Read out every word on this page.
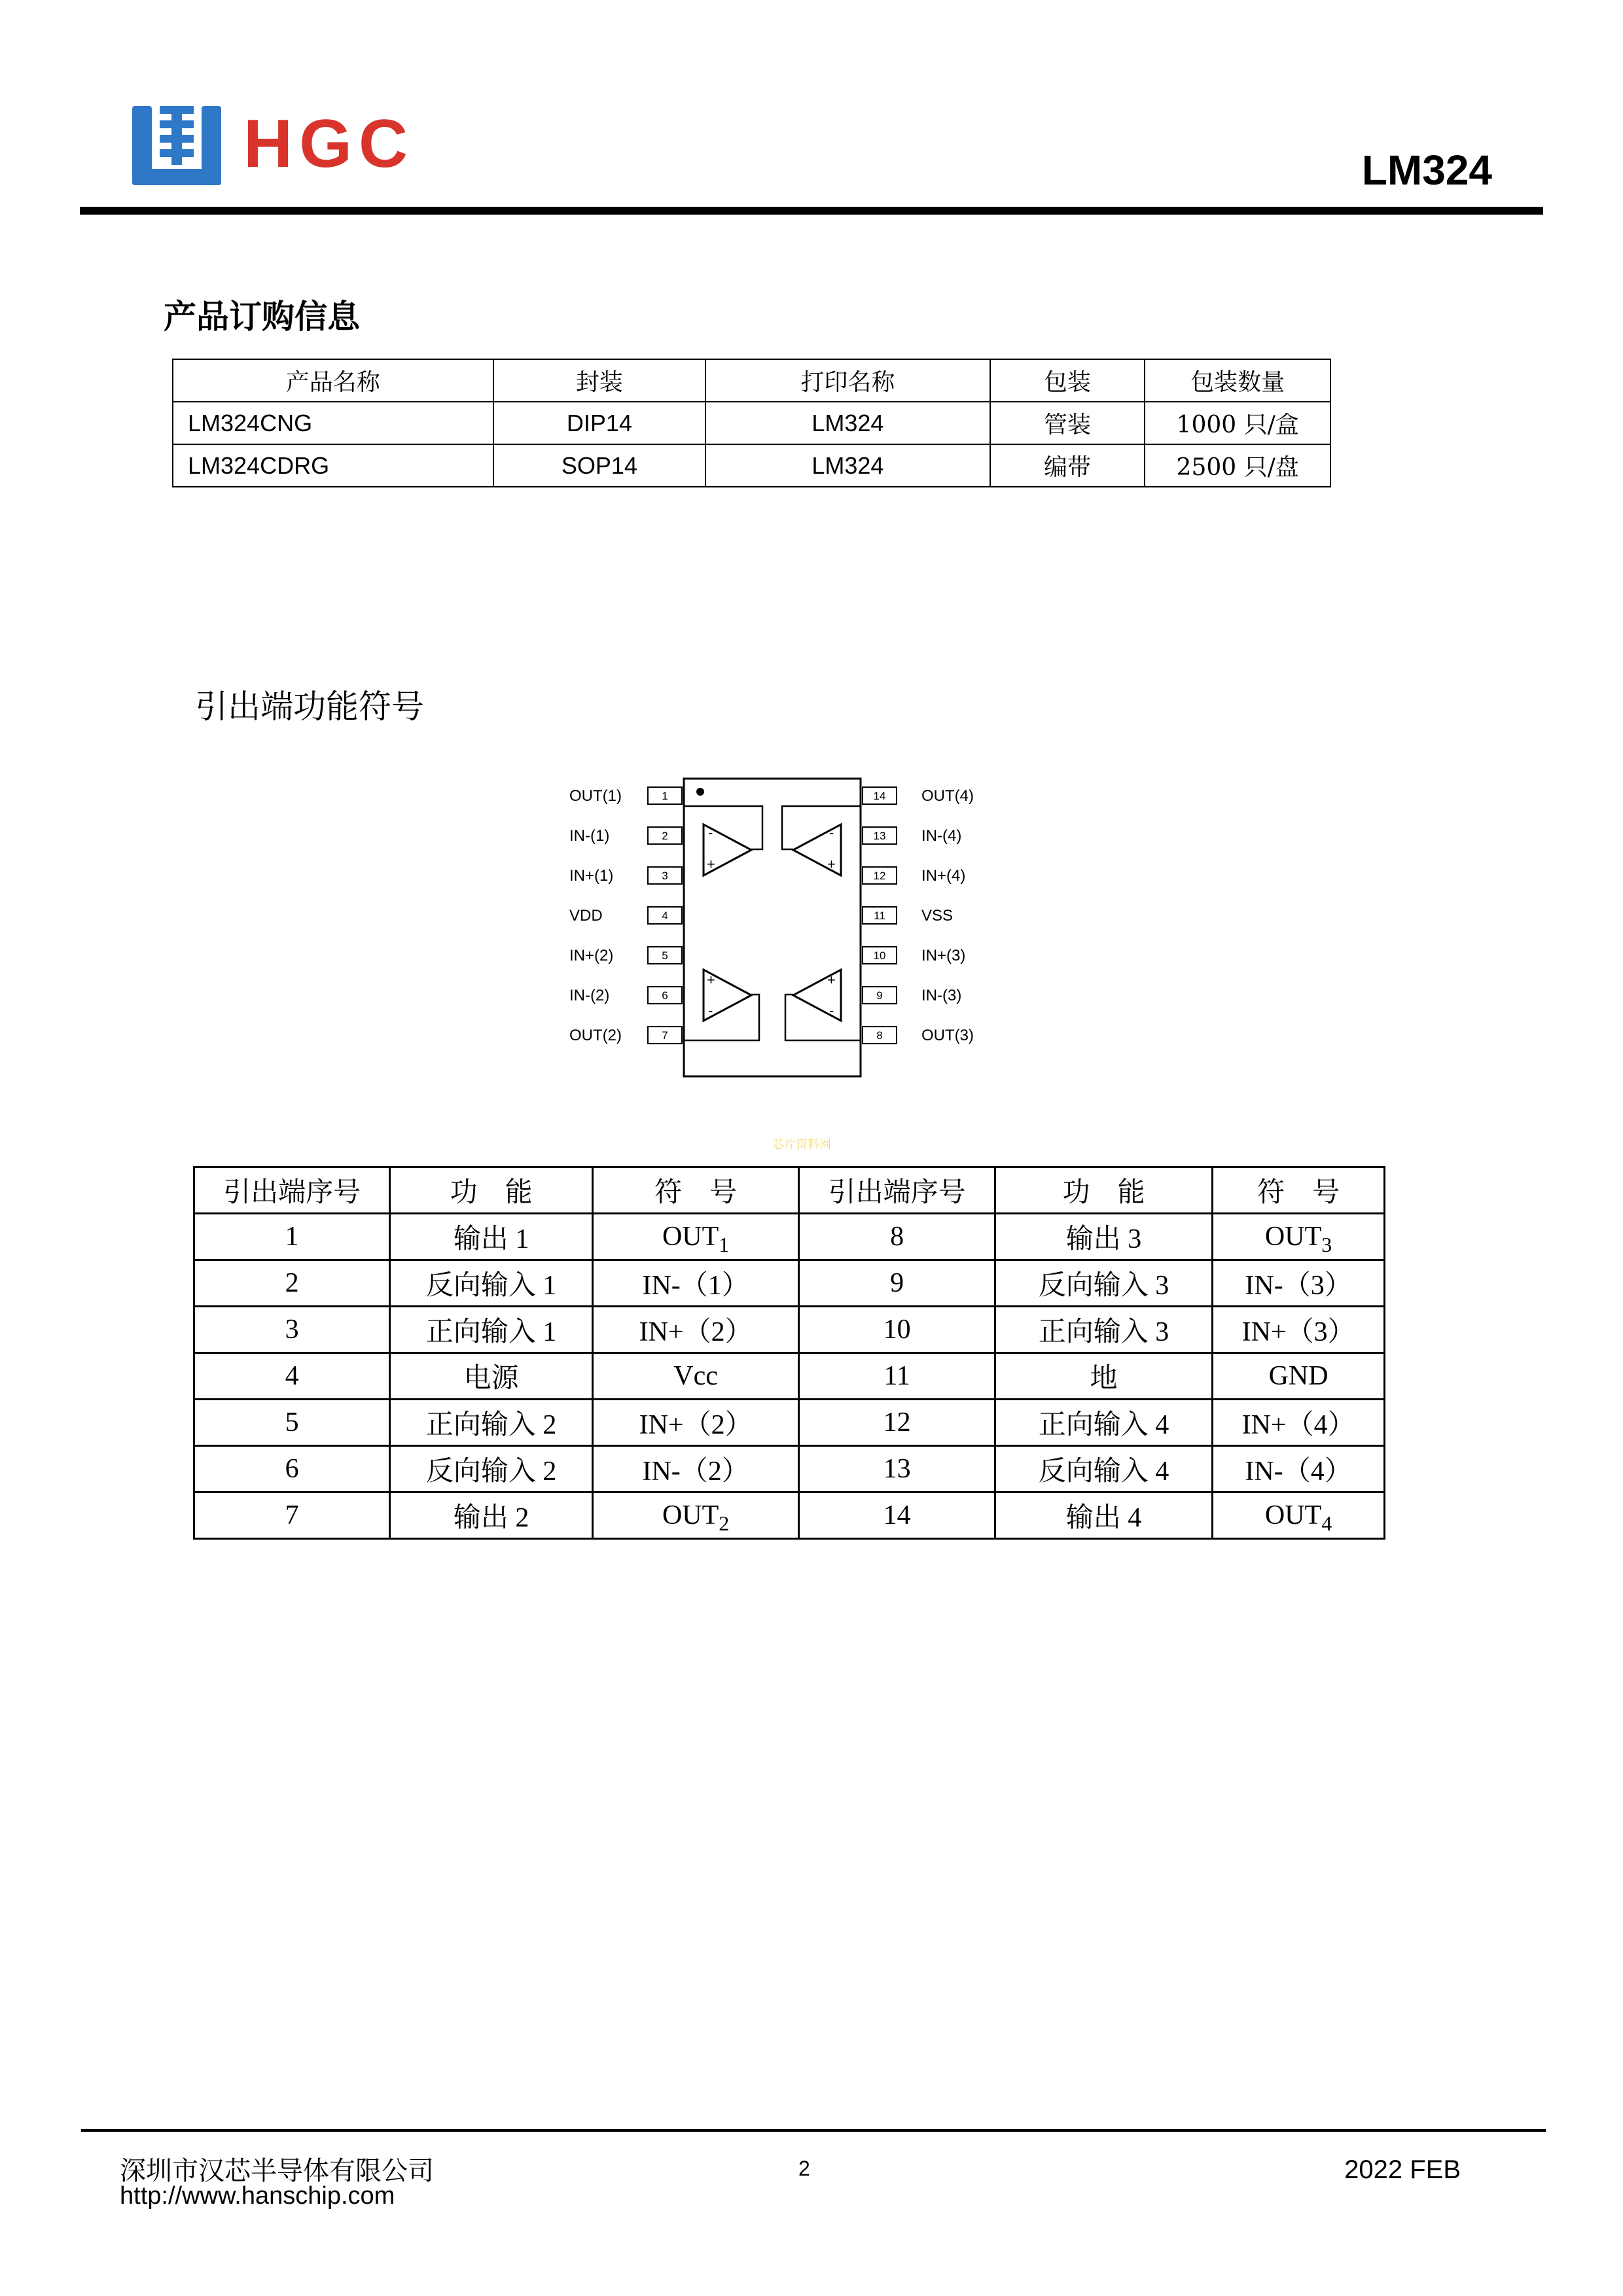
HGC	LM324
产品订购信息
产品名称	封装	打印名称	包装	包装数量
LM324CNG	DIP14	LM324	管装	1000 只/盒
LM324CDRG	SOP14	LM324	编带	2500 只/盘
引出端功能符号
-
+
-
+
+
-
+
-
1
OUT(1)
2
IN-(1)
3
IN+(1)
4
VDD
5
IN+(2)
6
IN-(2)
7
OUT(2)
14 OUT(4)
13 IN-(4)
12 IN+(4)
11 VSS
10 IN+(3)
9 IN-(3)
8 OUT(3)
芯片资料网
引出端序号	功　能	符　号	引出端序号	功　能	符　号
1	输出 1	$OUT_1$	8	输出 3	$OUT_3$
2	反向输入 1	IN-（1）	9	反向输入 3	IN-（3）
3	正向输入 1	IN+（2）	10	正向输入 3	IN+（3）
4	电源	Vcc	11	地	GND
5	正向输入 2	IN+（2）	12	正向输入 4	IN+（4）
6	反向输入 2	IN-（2）	13	反向输入 4	IN-（4）
7	输出 2	$OUT_2$	14	输出 4	$OUT_4$
深圳市汉芯半导体有限公司
http://www.hanschip.com
2	2022 FEB
